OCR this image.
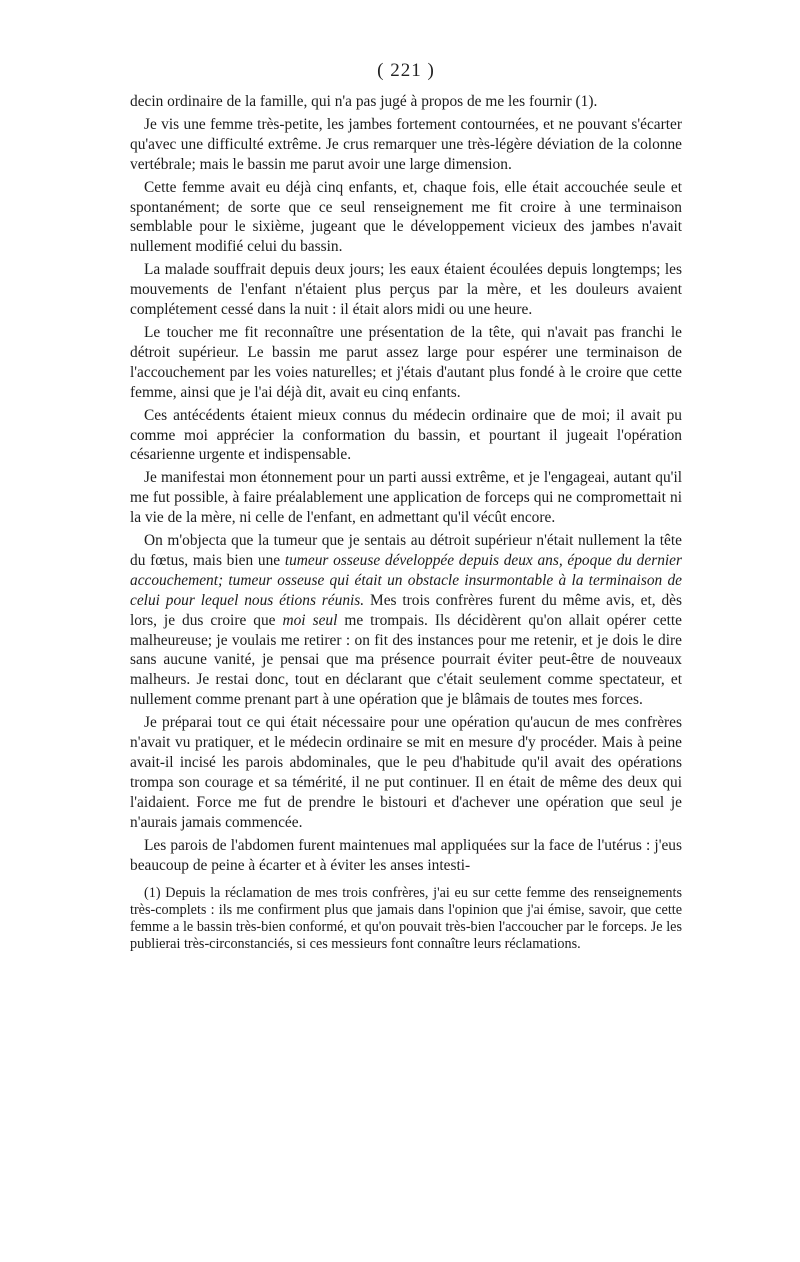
( 221 )

decin ordinaire de la famille, qui n'a pas jugé à propos de me les fournir (1).

Je vis une femme très-petite, les jambes fortement contournées, et ne pouvant s'écarter qu'avec une difficulté extrême. Je crus remarquer une très-légère déviation de la colonne vertébrale; mais le bassin me parut avoir une large dimension.

Cette femme avait eu déjà cinq enfants, et, chaque fois, elle était accouchée seule et spontanément; de sorte que ce seul renseignement me fit croire à une terminaison semblable pour le sixième, jugeant que le développement vicieux des jambes n'avait nullement modifié celui du bassin.

La malade souffrait depuis deux jours; les eaux étaient écoulées depuis longtemps; les mouvements de l'enfant n'étaient plus perçus par la mère, et les douleurs avaient complétement cessé dans la nuit : il était alors midi ou une heure.

Le toucher me fit reconnaître une présentation de la tête, qui n'avait pas franchi le détroit supérieur. Le bassin me parut assez large pour espérer une terminaison de l'accouchement par les voies naturelles; et j'étais d'autant plus fondé à le croire que cette femme, ainsi que je l'ai déjà dit, avait eu cinq enfants.

Ces antécédents étaient mieux connus du médecin ordinaire que de moi; il avait pu comme moi apprécier la conformation du bassin, et pourtant il jugeait l'opération césarienne urgente et indispensable.

Je manifestai mon étonnement pour un parti aussi extrême, et je l'engageai, autant qu'il me fut possible, à faire préalablement une application de forceps qui ne compromettait ni la vie de la mère, ni celle de l'enfant, en admettant qu'il vécût encore.

On m'objecta que la tumeur que je sentais au détroit supérieur n'était nullement la tête du fœtus, mais bien une tumeur osseuse développée depuis deux ans, époque du dernier accouchement; tumeur osseuse qui était un obstacle insurmontable à la terminaison de celui pour lequel nous étions réunis. Mes trois confrères furent du même avis, et, dès lors, je dus croire que moi seul me trompais. Ils décidèrent qu'on allait opérer cette malheureuse; je voulais me retirer : on fit des instances pour me retenir, et je dois le dire sans aucune vanité, je pensai que ma présence pourrait éviter peut-être de nouveaux malheurs. Je restai donc, tout en déclarant que c'était seulement comme spectateur, et nullement comme prenant part à une opération que je blâmais de toutes mes forces.

Je préparai tout ce qui était nécessaire pour une opération qu'aucun de mes confrères n'avait vu pratiquer, et le médecin ordinaire se mit en mesure d'y procéder. Mais à peine avait-il incisé les parois abdominales, que le peu d'habitude qu'il avait des opérations trompa son courage et sa témérité, il ne put continuer. Il en était de même des deux qui l'aidaient. Force me fut de prendre le bistouri et d'achever une opération que seul je n'aurais jamais commencée.

Les parois de l'abdomen furent maintenues mal appliquées sur la face de l'utérus : j'eus beaucoup de peine à écarter et à éviter les anses intesti-

(1) Depuis la réclamation de mes trois confrères, j'ai eu sur cette femme des renseignements très-complets : ils me confirment plus que jamais dans l'opinion que j'ai émise, savoir, que cette femme a le bassin très-bien conformé, et qu'on pouvait très-bien l'accoucher par le forceps. Je les publierai très-circonstanciés, si ces messieurs font connaître leurs réclamations.
